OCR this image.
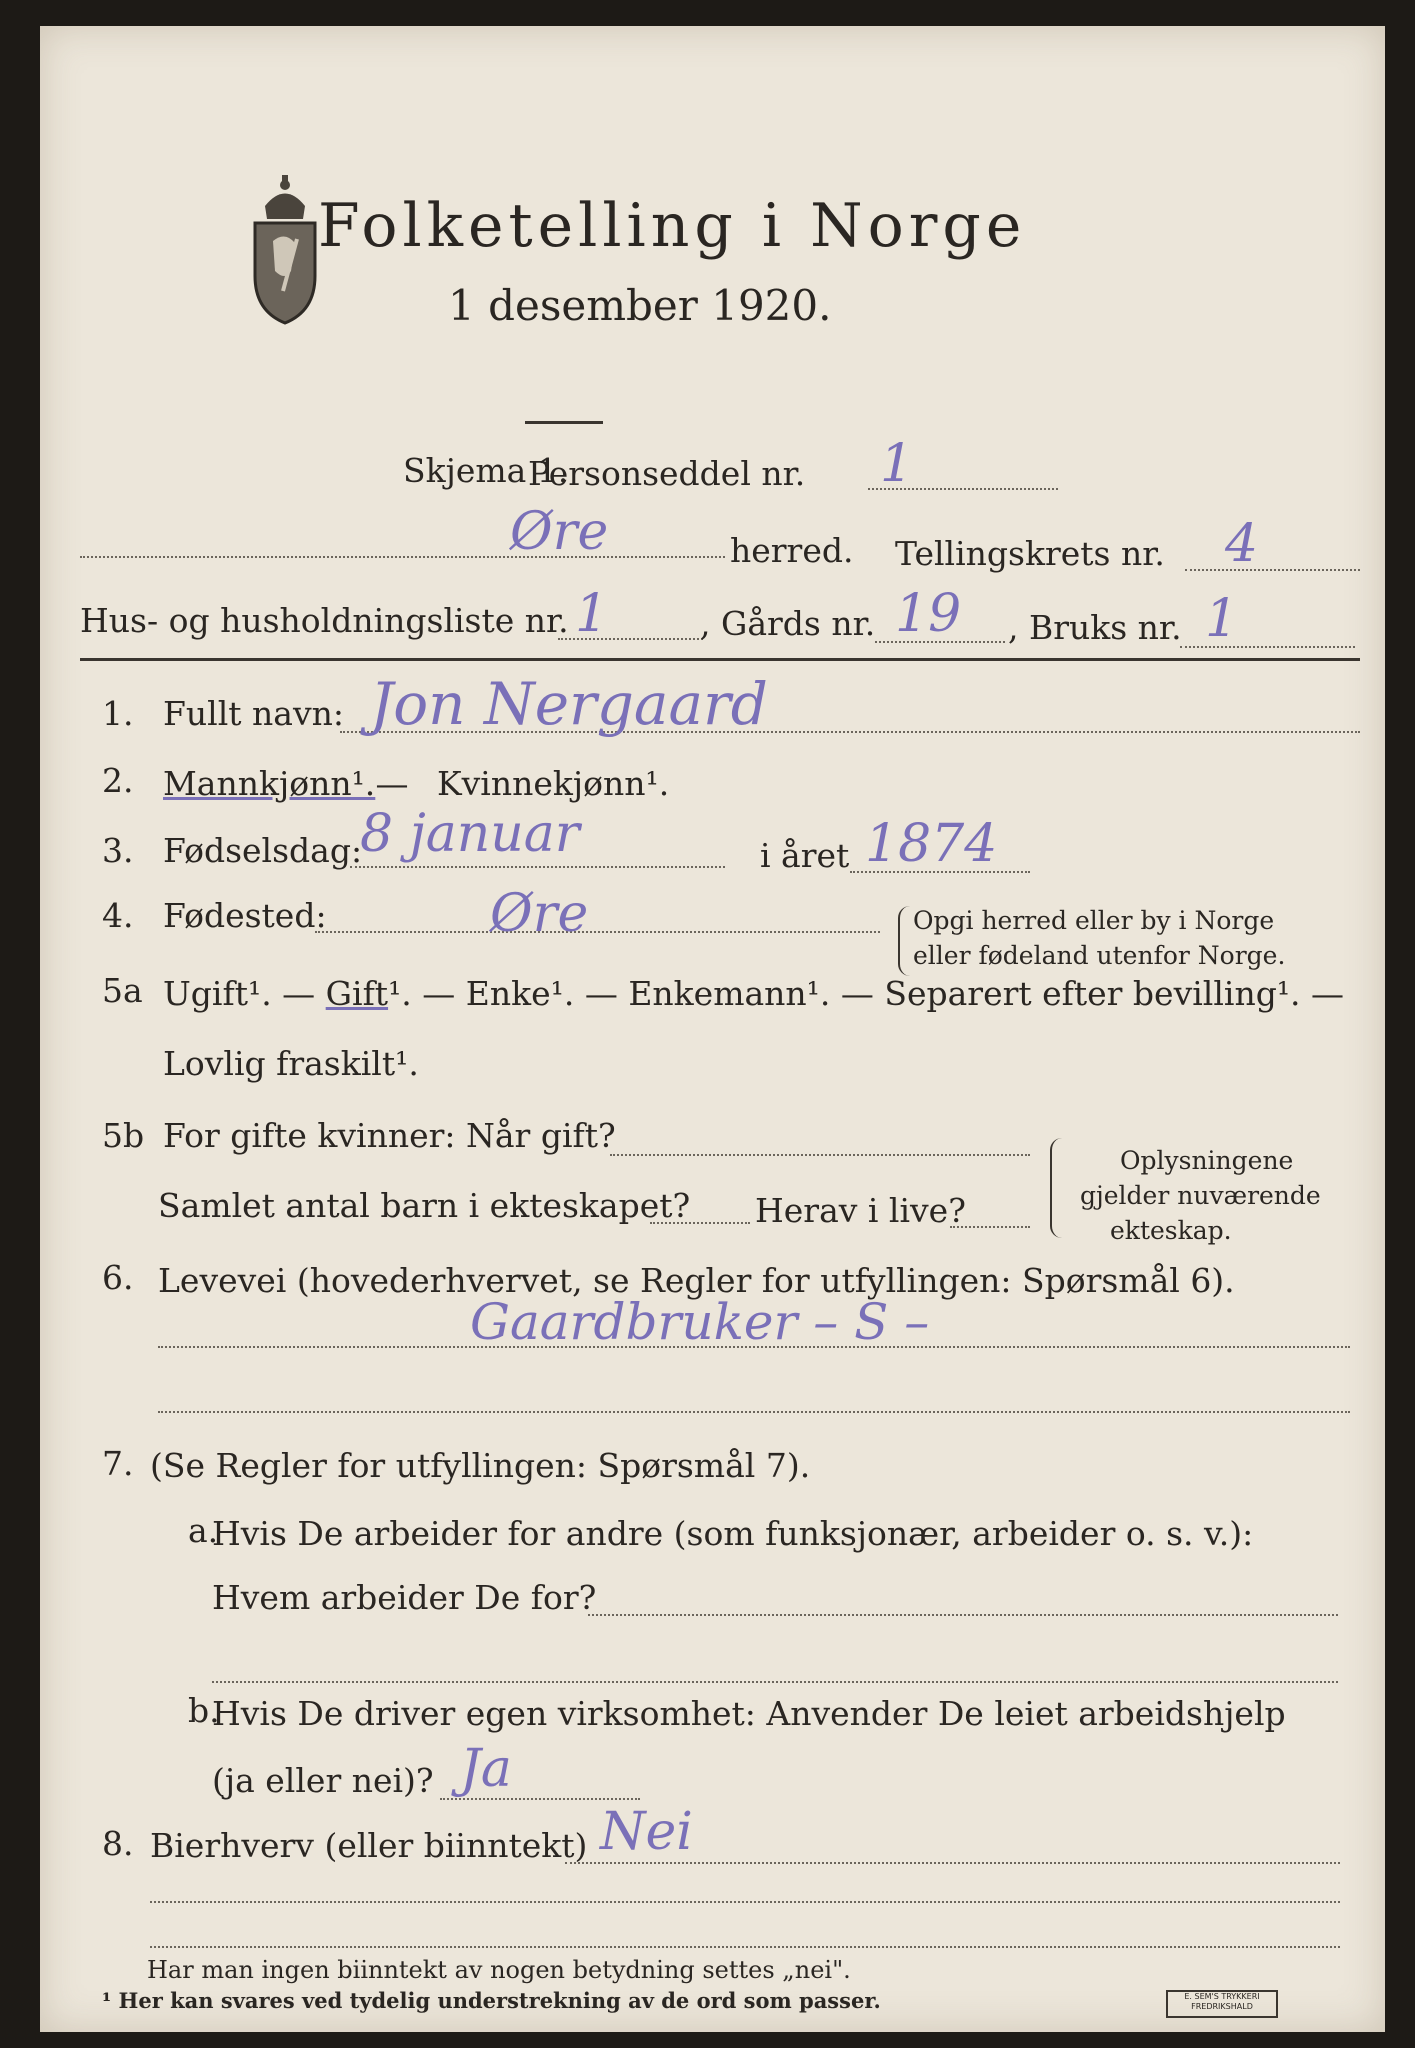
Folketelling i Norge
1 desember 1920.
Skjema 1.
Personseddel nr. 1
Øre	herred. Tellingskrets nr. 4
Hus- og husholdningsliste nr. 1	, Gårds nr. 19 , Bruks nr. 1
1. Fullt navn: Jon Nergaard
2. Mannkjønn¹.
— Kvinnekjønn¹.
3. Fødselsdag:
8 januar	i året 1874
4. Fødested:	Øre	Opgi herred eller by i Norge
eller fødeland utenfor Norge.
5a Ugift¹. — Gift¹. — Enke¹. — Enkemann¹. — Separert efter bevilling¹. —
Lovlig fraskilt¹.
5b For gifte kvinner: Når gift?
Samlet antal barn i ekteskapet? Herav i live?
Oplysningene
gjelder nuværende
ekteskap.
6. Levevei (hovederhvervet, se Regler for utfyllingen: Spørsmål 6).
Gaardbruker – S –
7. (Se Regler for utfyllingen: Spørsmål 7).
a.
Hvis De arbeider for andre (som funksjonær, arbeider o. s. v.):
Hvem arbeider De for?
b.
Hvis De driver egen virksomhet: Anvender De leiet arbeidshjelp
(ja eller nei)? Ja
8. Bierhverv (eller biinntekt) Nei
Har man ingen biinntekt av nogen betydning settes „nei".
¹ Her kan svares ved tydelig understrekning av de ord som passer.	E. SEM'S TRYKKERI
FREDRIKSHALD
